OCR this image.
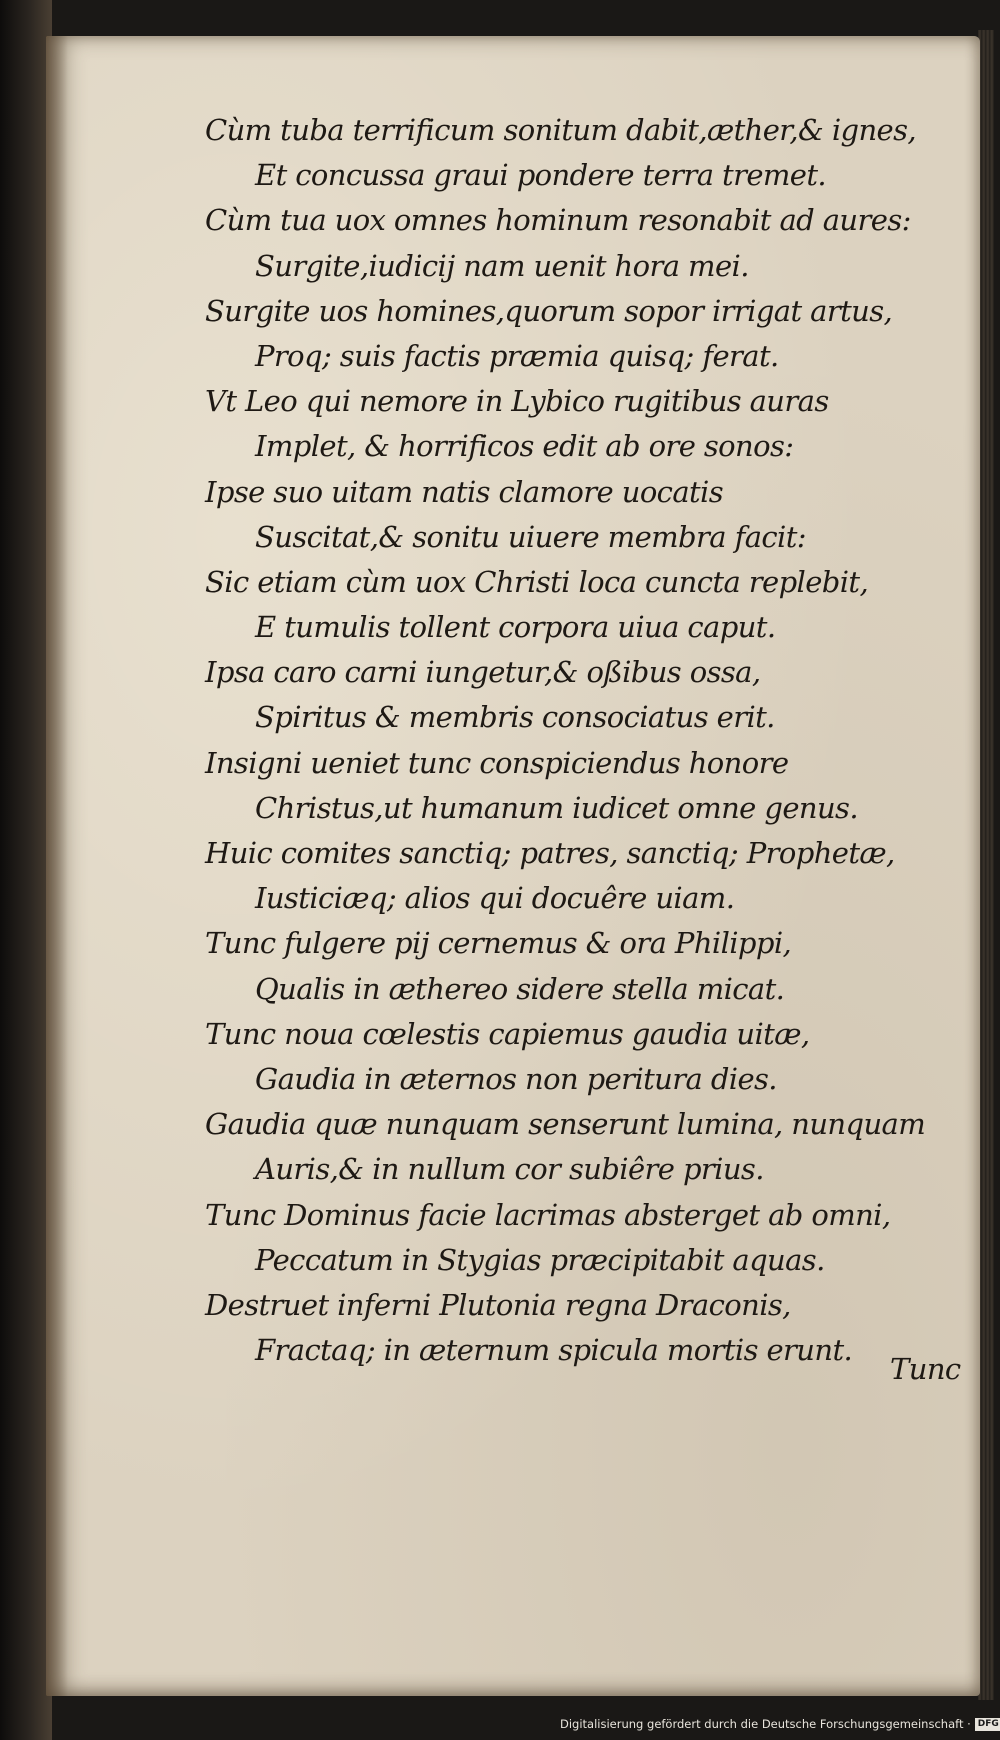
Cùm tuba terrificum sonitum dabit,æther,& ignes,
Et concussa graui pondere terra tremet.
Cùm tua uox omnes hominum resonabit ad aures:
Surgite,iudicij nam uenit hora mei.
Surgite uos homines,quorum sopor irrigat artus,
Proq; suis factis præmia quisq; ferat.
Vt Leo qui nemore in Lybico rugitibus auras
Implet, & horrificos edit ab ore sonos:
Ipse suo uitam natis clamore uocatis
Suscitat,& sonitu uiuere membra facit:
Sic etiam cùm uox Christi loca cuncta replebit,
E tumulis tollent corpora uiua caput.
Ipsa caro carni iungetur,& oßibus ossa,
Spiritus & membris consociatus erit.
Insigni ueniet tunc conspiciendus honore
Christus,ut humanum iudicet omne genus.
Huic comites sanctiq; patres, sanctiq; Prophetæ,
Iusticiæq; alios qui docuêre uiam.
Tunc fulgere pij cernemus & ora Philippi,
Qualis in æthereo sidere stella micat.
Tunc noua cœlestis capiemus gaudia uitæ,
Gaudia in æternos non peritura dies.
Gaudia quæ nunquam senserunt lumina, nunquam
Auris,& in nullum cor subiêre prius.
Tunc Dominus facie lacrimas absterget ab omni,
Peccatum in Stygias præcipitabit aquas.
Destruet inferni Plutonia regna Draconis,
Fractaq; in æternum spicula mortis erunt.
Tunc
Digitalisierung gefördert durch die Deutsche Forschungsgemeinschaft · DFG
